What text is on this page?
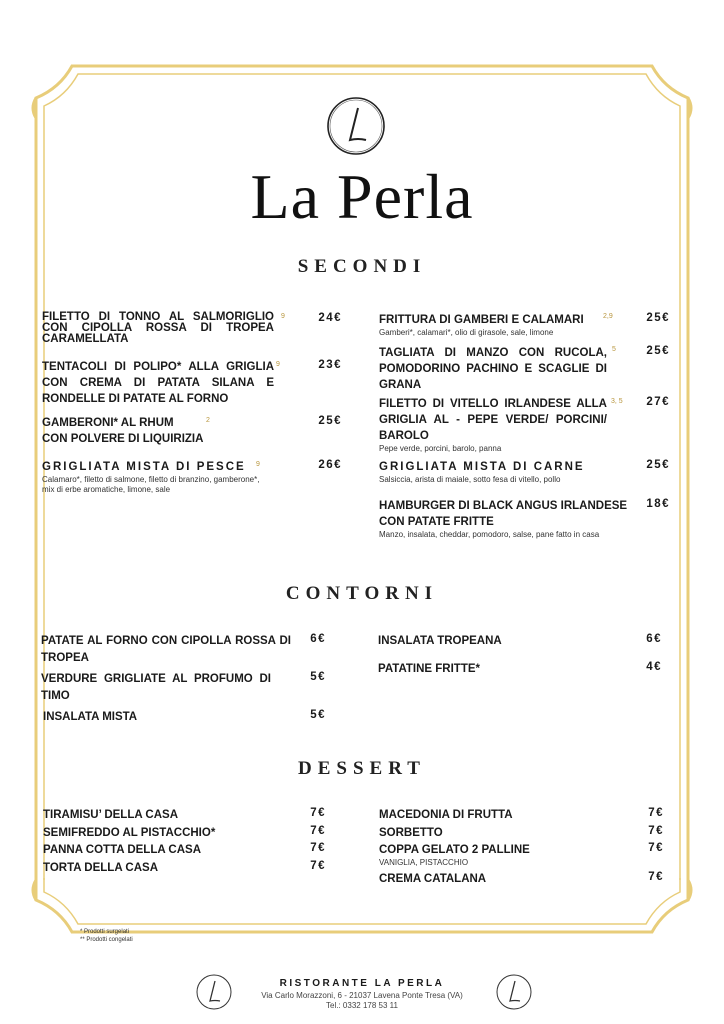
La Perla
SECONDI
FILETTO DI TONNO AL SALMORIGLIO CON CIPOLLA ROSSA DI TROPEA CARAMELLATA
9	24€
TENTACOLI DI POLIPO* ALLA GRIGLIA CON CREMA DI PATATA SILANA E RONDELLE DI PATATE AL FORNO
9	23€
GAMBERONI* AL RHUM
CON POLVERE DI LIQUIRIZIA
2	25€
GRIGLIATA MISTA DI PESCE
Calamaro*, filetto di salmone, filetto di branzino, gamberone*, mix di erbe aromatiche, limone, sale
9	26€
FRITTURA DI GAMBERI E CALAMARI
Gamberi*, calamari*, olio di girasole, sale, limone
2,9	25€
TAGLIATA DI MANZO CON RUCOLA, POMODORINO PACHINO E SCAGLIE DI GRANA
5	25€
FILETTO DI VITELLO IRLANDESE ALLA GRIGLIA AL - PEPE VERDE/ PORCINI/ BAROLO
Pepe verde, porcini, barolo, panna
3, 5	27€
GRIGLIATA MISTA DI CARNE
Salsiccia, arista di maiale, sotto fesa di vitello, pollo
25€
HAMBURGER DI BLACK ANGUS IRLANDESE CON PATATE FRITTE
Manzo, insalata, cheddar, pomodoro, salse, pane fatto in casa
18€
CONTORNI
PATATE AL FORNO CON CIPOLLA ROSSA DI TROPEA
6€
VERDURE GRIGLIATE AL PROFUMO DI TIMO
5€
INSALATA MISTA	5€
INSALATA TROPEANA	6€
PATATINE FRITTE*	4€
DESSERT
TIRAMISU’ DELLA CASA	7€
SEMIFREDDO AL PISTACCHIO*	7€
PANNA COTTA DELLA CASA	7€
TORTA DELLA CASA	7€
MACEDONIA DI FRUTTA	7€
SORBETTO	7€
COPPA GELATO 2 PALLINE
VANIGLIA, PISTACCHIO
7€
CREMA CATALANA	7€
* Prodotti surgelati
** Prodotti congelati
RISTORANTE LA PERLA
Via Carlo Morazzoni, 6 - 21037 Lavena Ponte Tresa (VA)
Tel.: 0332 178 53 11
